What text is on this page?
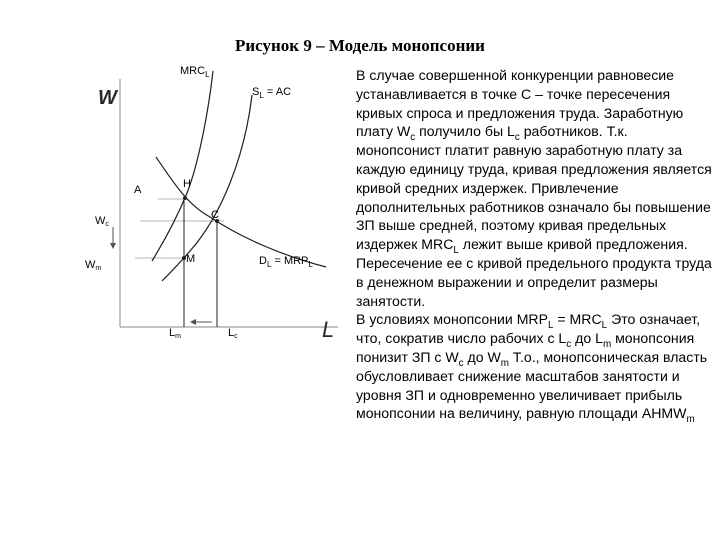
Рисунок 9 – Модель монопсонии
W
L
$MRC_L$
$S_L$ = AC
$D_L = MRP_L$
A	H
C
M
Wc
Wm
Lm	Lc

В случае совершенной конкуренции равновесие устанавливается в точке С – точке пересечения кривых спроса и предложения труда. Заработную плату $W_с$ получило бы $L_с$ работников. Т.к. монопсонист платит равную заработную плату за каждую единицу труда, кривая предложения является кривой средних издержек. Привлечение дополнительных работников означало бы повышение ЗП выше средней, поэтому кривая предельных издержек $MRC_L$ лежит выше кривой предложения. Пересечение ее с кривой предельного продукта труда в денежном выражении и определит размеры занятости.

В условиях монопсонии $MRP_L = MRC_L$ Это означает, что, сократив число рабочих с $L_c$ до $L_m$ монопсония понизит ЗП с $W_c$ до $W_m$ Т.о., монопсоническая власть обусловливает снижение масштабов занятости и уровня ЗП и одновременно увеличивает прибыль монопсонии на величину, равную площади $AHMW_m$
